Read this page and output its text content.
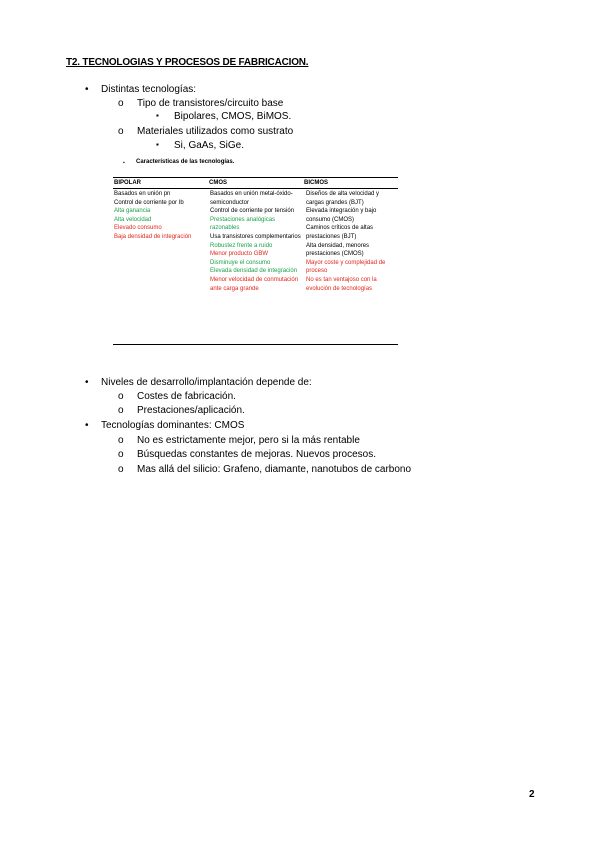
T2. TECNOLOGIAS Y PROCESOS DE FABRICACION.
• Distintas tecnologías:
o Tipo de transistores/circuito base
▪ Bipolares, CMOS, BiMOS.
o Materiales utilizados como sustrato
▪ Si, GaAs, SiGe.
▪ Características de las tecnologías.
BIPOLAR	CMOS	BICMOS
Basados en unión pn
Control de corriente por Ib
Alta ganancia
Alta velocidad
Elevado consumo
Baja densidad de integración
Basados en unión metal-óxido-semiconductor
Control de corriente por tensión
Prestaciones analógicas razonables
Usa transistores complementarios
Robustez frente a ruido
Menor producto GBW
Disminuye el consumo
Elevada densidad de integración
Menor velocidad de conmutación ante carga grande
Diseños de alta velocidad y cargas grandes (BJT)
Elevada integración y bajo consumo (CMOS)
Caminos críticos de altas prestaciones (BJT)
Alta densidad, menores prestaciones (CMOS)
Mayor coste y complejidad de proceso
No es tan ventajoso con la evolución de tecnologías
• Niveles de desarrollo/implantación depende de:
o Costes de fabricación.
o Prestaciones/aplicación.
• Tecnologías dominantes: CMOS
o No es estrictamente mejor, pero si la más rentable
o Búsquedas constantes de mejoras. Nuevos procesos.
o Mas allá del silicio: Grafeno, diamante, nanotubos de carbono
2
